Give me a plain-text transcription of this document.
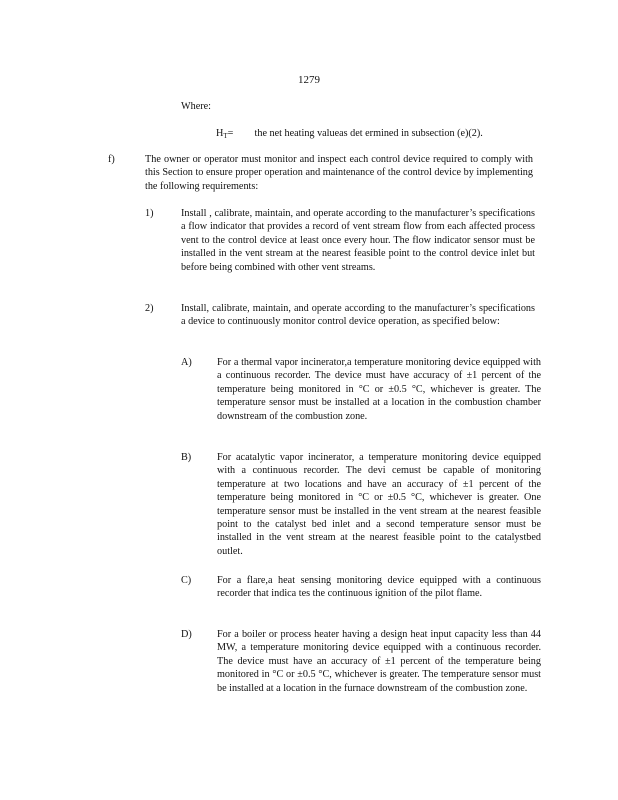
1279
Where:
$H_T=$ the net heating valueas det ermined in subsection (e)(2).
f)	The owner or operator must monitor and inspect each control device required to comply with this Section to ensure proper operation and maintenance of the control device by implementing the following requirements:

1)	Install , calibrate, maintain, and operate according to the manufacturer’s specifications a flow indicator that provides a record of vent stream flow from each affected process vent to the control device at least once every hour. The flow indicator sensor must be installed in the vent stream at the nearest feasible point to the control device inlet but before being combined with other vent streams.

2)	Install, calibrate, maintain, and operate according to the manufacturer’s specifications a device to continuously monitor control device operation, as specified below:

A) For a thermal vapor incinerator,a temperature monitoring device equipped with a continuous recorder. The device must have accuracy of ±1 percent of the temperature being monitored in °C or ±0.5 °C, whichever is greater. The temperature sensor must be installed at a location in the combustion chamber downstream of the combustion zone.

B)	For acatalytic vapor incinerator, a temperature monitoring device equipped with a continuous recorder. The devi cemust be capable of monitoring temperature at two locations and have an accuracy of ±1 percent of the temperature being monitored in °C or ±0.5 °C, whichever is greater. One temperature sensor must be installed in the vent stream at the nearest feasible point to the catalyst bed inlet and a second temperature sensor must be installed in the vent stream at the nearest feasible point to the catalystbed outlet.

C)	For a flare,a heat sensing monitoring device equipped with a continuous recorder that indica tes the continuous ignition of the pilot flame.

D) For a boiler or process heater having a design heat input capacity less than 44 MW, a temperature monitoring device equipped with a continuous recorder. The device must have an accuracy of ±1 percent of the temperature being monitored in °C or ±0.5 °C, whichever is greater. The temperature sensor must be installed at a location in the furnace downstream of the combustion zone.
